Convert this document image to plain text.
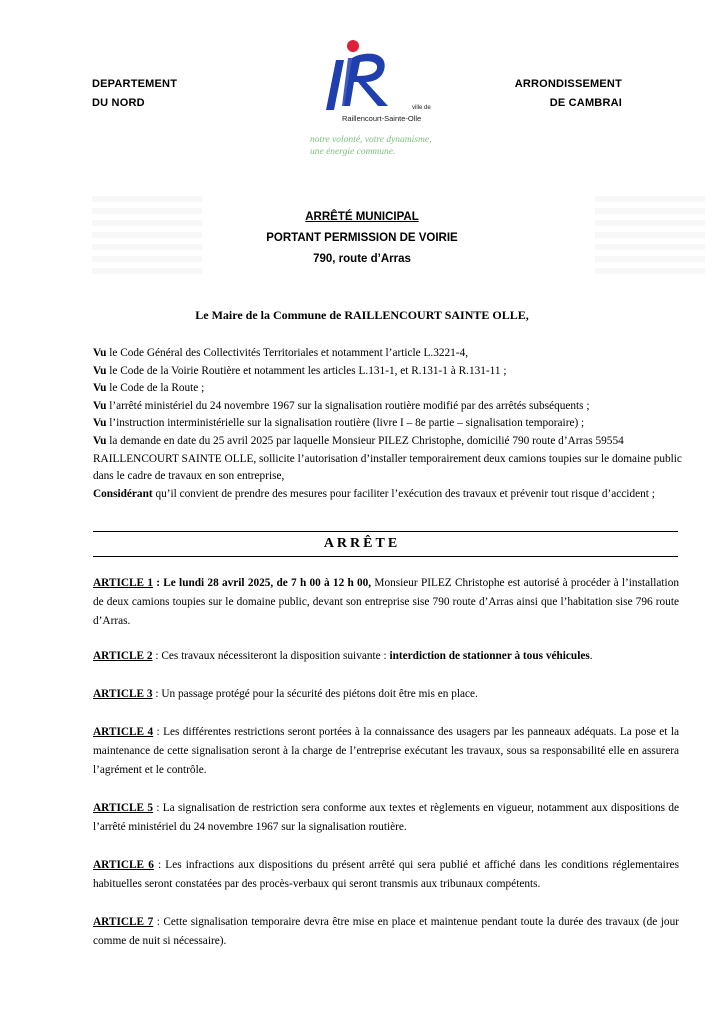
DEPARTEMENT
DU NORD
ARRONDISSEMENT
DE CAMBRAI
ville de
Raillencourt-Sainte-Olle
notre volonté, votre dynamisme,
une énergie commune.
ARRÊTÉ MUNICIPAL
PORTANT PERMISSION DE VOIRIE
790, route d’Arras
Le Maire de la Commune de RAILLENCOURT SAINTE OLLE,

Vu le Code Général des Collectivités Territoriales et notamment l’article L.3221-4,

Vu le Code de la Voirie Routière et notamment les articles L.131-1, et R.131-1 à R.131-11 ;

Vu le Code de la Route ;

Vu l’arrêté ministériel du 24 novembre 1967 sur la signalisation routière modifié par des arrêtés subséquents ;

Vu l’instruction interministérielle sur la signalisation routière (livre I – 8e partie – signalisation temporaire) ;

Vu la demande en date du 25 avril 2025 par laquelle Monsieur PILEZ Christophe, domicilié 790 route d’Arras 59554 RAILLENCOURT SAINTE OLLE, sollicite l’autorisation d’installer temporairement deux camions toupies sur le domaine public dans le cadre de travaux en son entreprise,

Considérant qu’il convient de prendre des mesures pour faciliter l’exécution des travaux et prévenir tout risque d’accident ;

ARRÊTE

ARTICLE 1 : Le lundi 28 avril 2025, de 7 h 00 à 12 h 00, Monsieur PILEZ Christophe est autorisé à procéder à l’installation de deux camions toupies sur le domaine public, devant son entreprise sise 790 route d’Arras ainsi que l’habitation sise 796 route d’Arras.

ARTICLE 2 : Ces travaux nécessiteront la disposition suivante : interdiction de stationner à tous véhicules.

ARTICLE 3 : Un passage protégé pour la sécurité des piétons doit être mis en place.

ARTICLE 4 : Les différentes restrictions seront portées à la connaissance des usagers par les panneaux adéquats. La pose et la maintenance de cette signalisation seront à la charge de l’entreprise exécutant les travaux, sous sa responsabilité elle en assurera l’agrément et le contrôle.

ARTICLE 5 : La signalisation de restriction sera conforme aux textes et règlements en vigueur, notamment aux dispositions de l’arrêté ministériel du 24 novembre 1967 sur la signalisation routière.

ARTICLE 6 : Les infractions aux dispositions du présent arrêté qui sera publié et affiché dans les conditions réglementaires habituelles seront constatées par des procès-verbaux qui seront transmis aux tribunaux compétents.

ARTICLE 7 : Cette signalisation temporaire devra être mise en place et maintenue pendant toute la durée des travaux (de jour comme de nuit si nécessaire).
